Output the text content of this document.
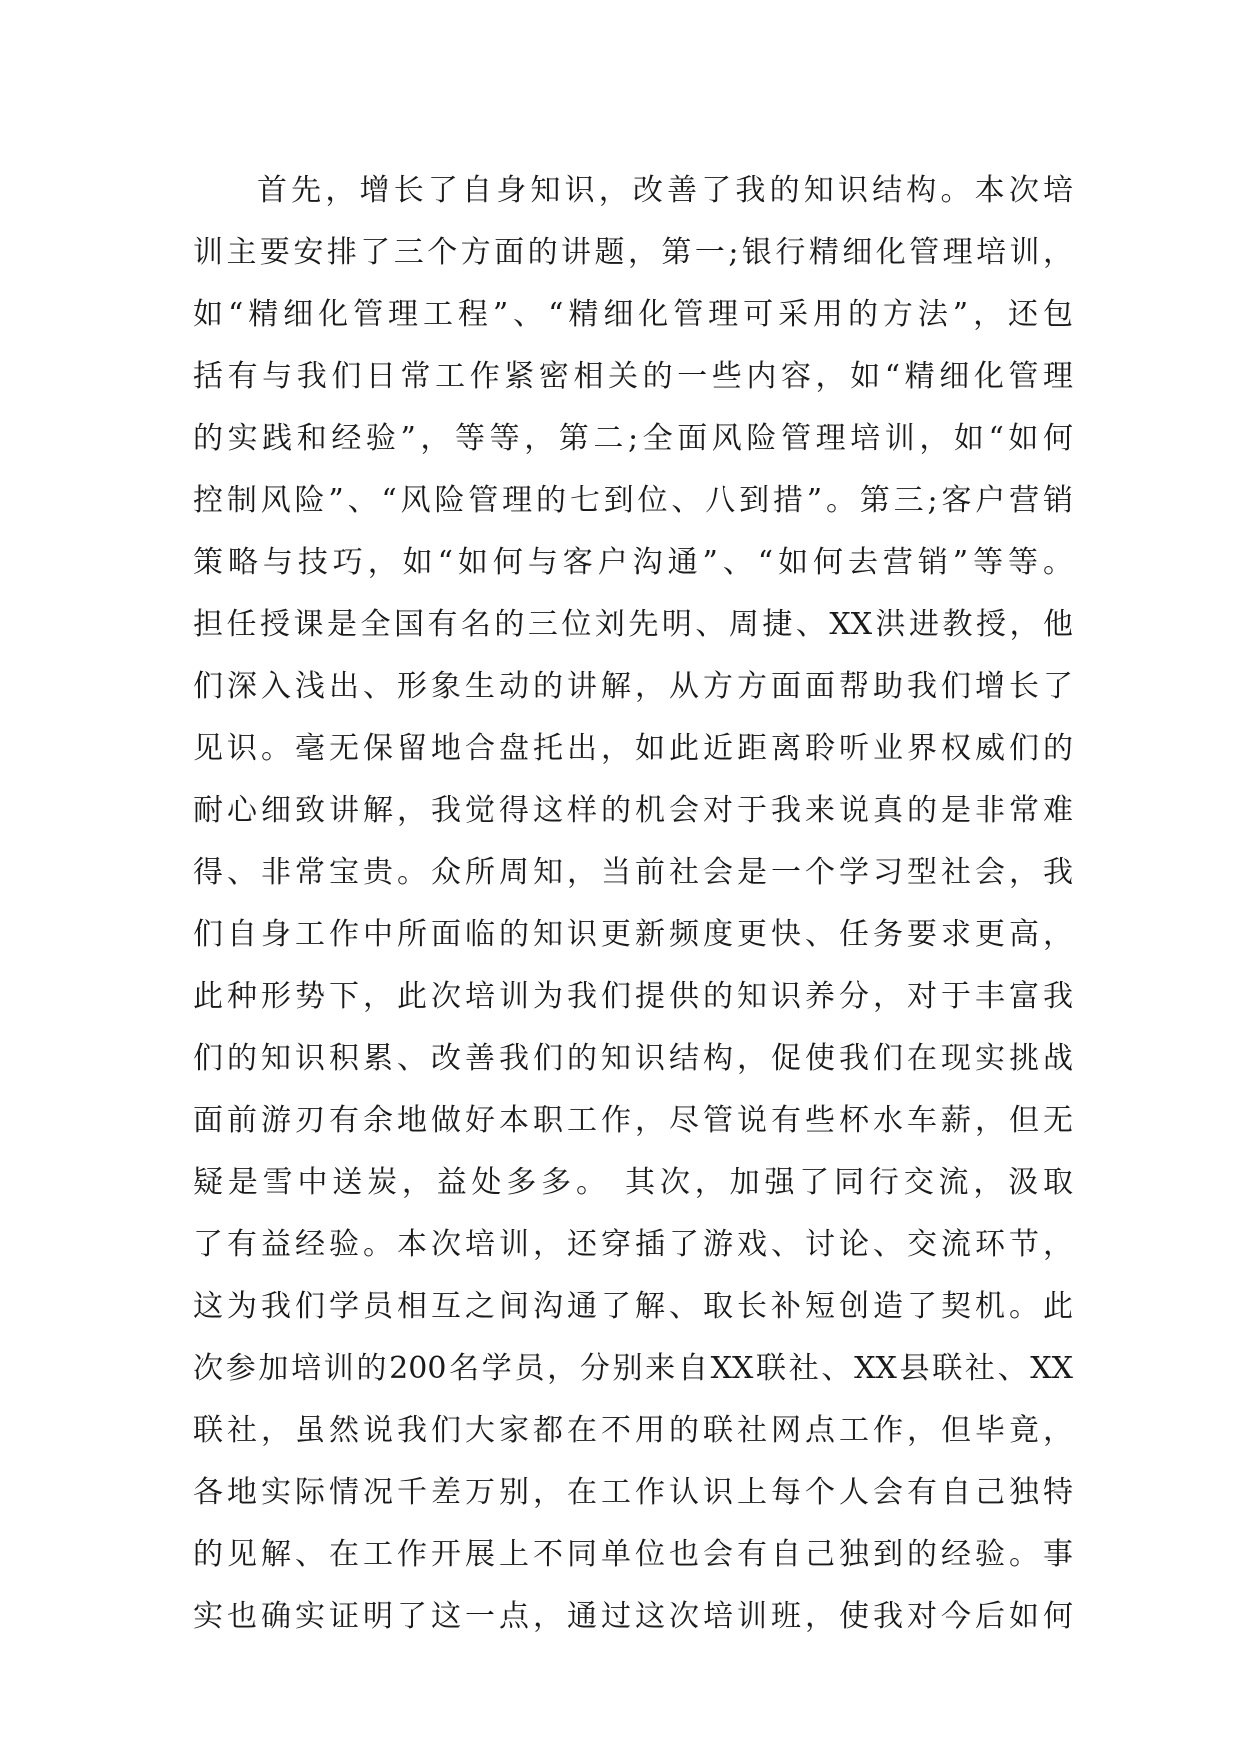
首先，增长了自身知识，改善了我的知识结构。本次培
训主要安排了三个方面的讲题，第一;银行精细化管理培训，
如“精细化管理工程”、“精细化管理可采用的方法”，还包
括有与我们日常工作紧密相关的一些内容，如“精细化管理
的实践和经验”，等等，第二;全面风险管理培训，如“如何
控制风险”、“风险管理的七到位、八到措”。第三;客户营销
策略与技巧，如“如何与客户沟通”、“如何去营销”等等。
担任授课是全国有名的三位刘先明、周捷、XX洪进教授，他
们深入浅出、形象生动的讲解，从方方面面帮助我们增长了
见识。毫无保留地合盘托出，如此近距离聆听业界权威们的
耐心细致讲解，我觉得这样的机会对于我来说真的是非常难
得、非常宝贵。众所周知，当前社会是一个学习型社会，我
们自身工作中所面临的知识更新频度更快、任务要求更高，
此种形势下，此次培训为我们提供的知识养分，对于丰富我
们的知识积累、改善我们的知识结构，促使我们在现实挑战
面前游刃有余地做好本职工作，尽管说有些杯水车薪，但无
疑是雪中送炭，益处多多。 其次，加强了同行交流，汲取
了有益经验。本次培训，还穿插了游戏、讨论、交流环节，
这为我们学员相互之间沟通了解、取长补短创造了契机。此
次参加培训的200名学员，分别来自XX联社、XX县联社、XX
联社，虽然说我们大家都在不用的联社网点工作，但毕竟，
各地实际情况千差万别，在工作认识上每个人会有自己独特
的见解、在工作开展上不同单位也会有自己独到的经验。事
实也确实证明了这一点，通过这次培训班，使我对今后如何
